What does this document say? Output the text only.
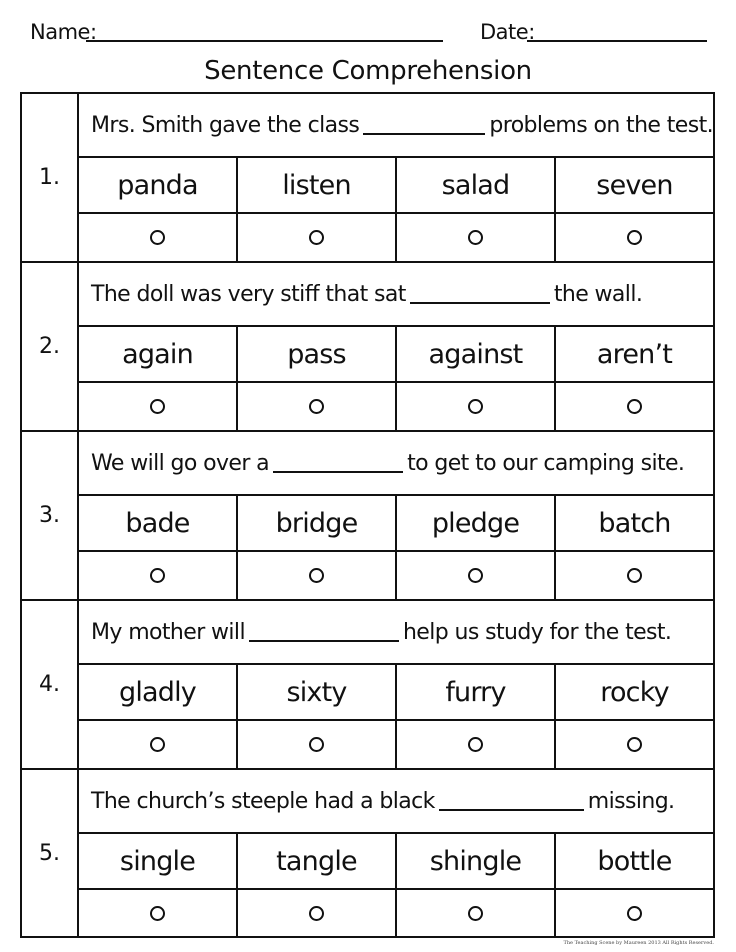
Name:	Date:
Sentence Comprehension
1.
Mrs. Smith gave the class	problems on the test.
panda	listen	salad	seven
2.
The doll was very stiff that sat	the wall.
again	pass	against	aren’t
3.
We will go over a	to get to our camping site.
bade	bridge	pledge	batch
4.
My mother will	help us study for the test.
gladly	sixty	furry	rocky
5.
The church’s steeple had a black	missing.
single	tangle	shingle	bottle
The Teaching Scene by Maureen 2013 All Rights Reserved.
